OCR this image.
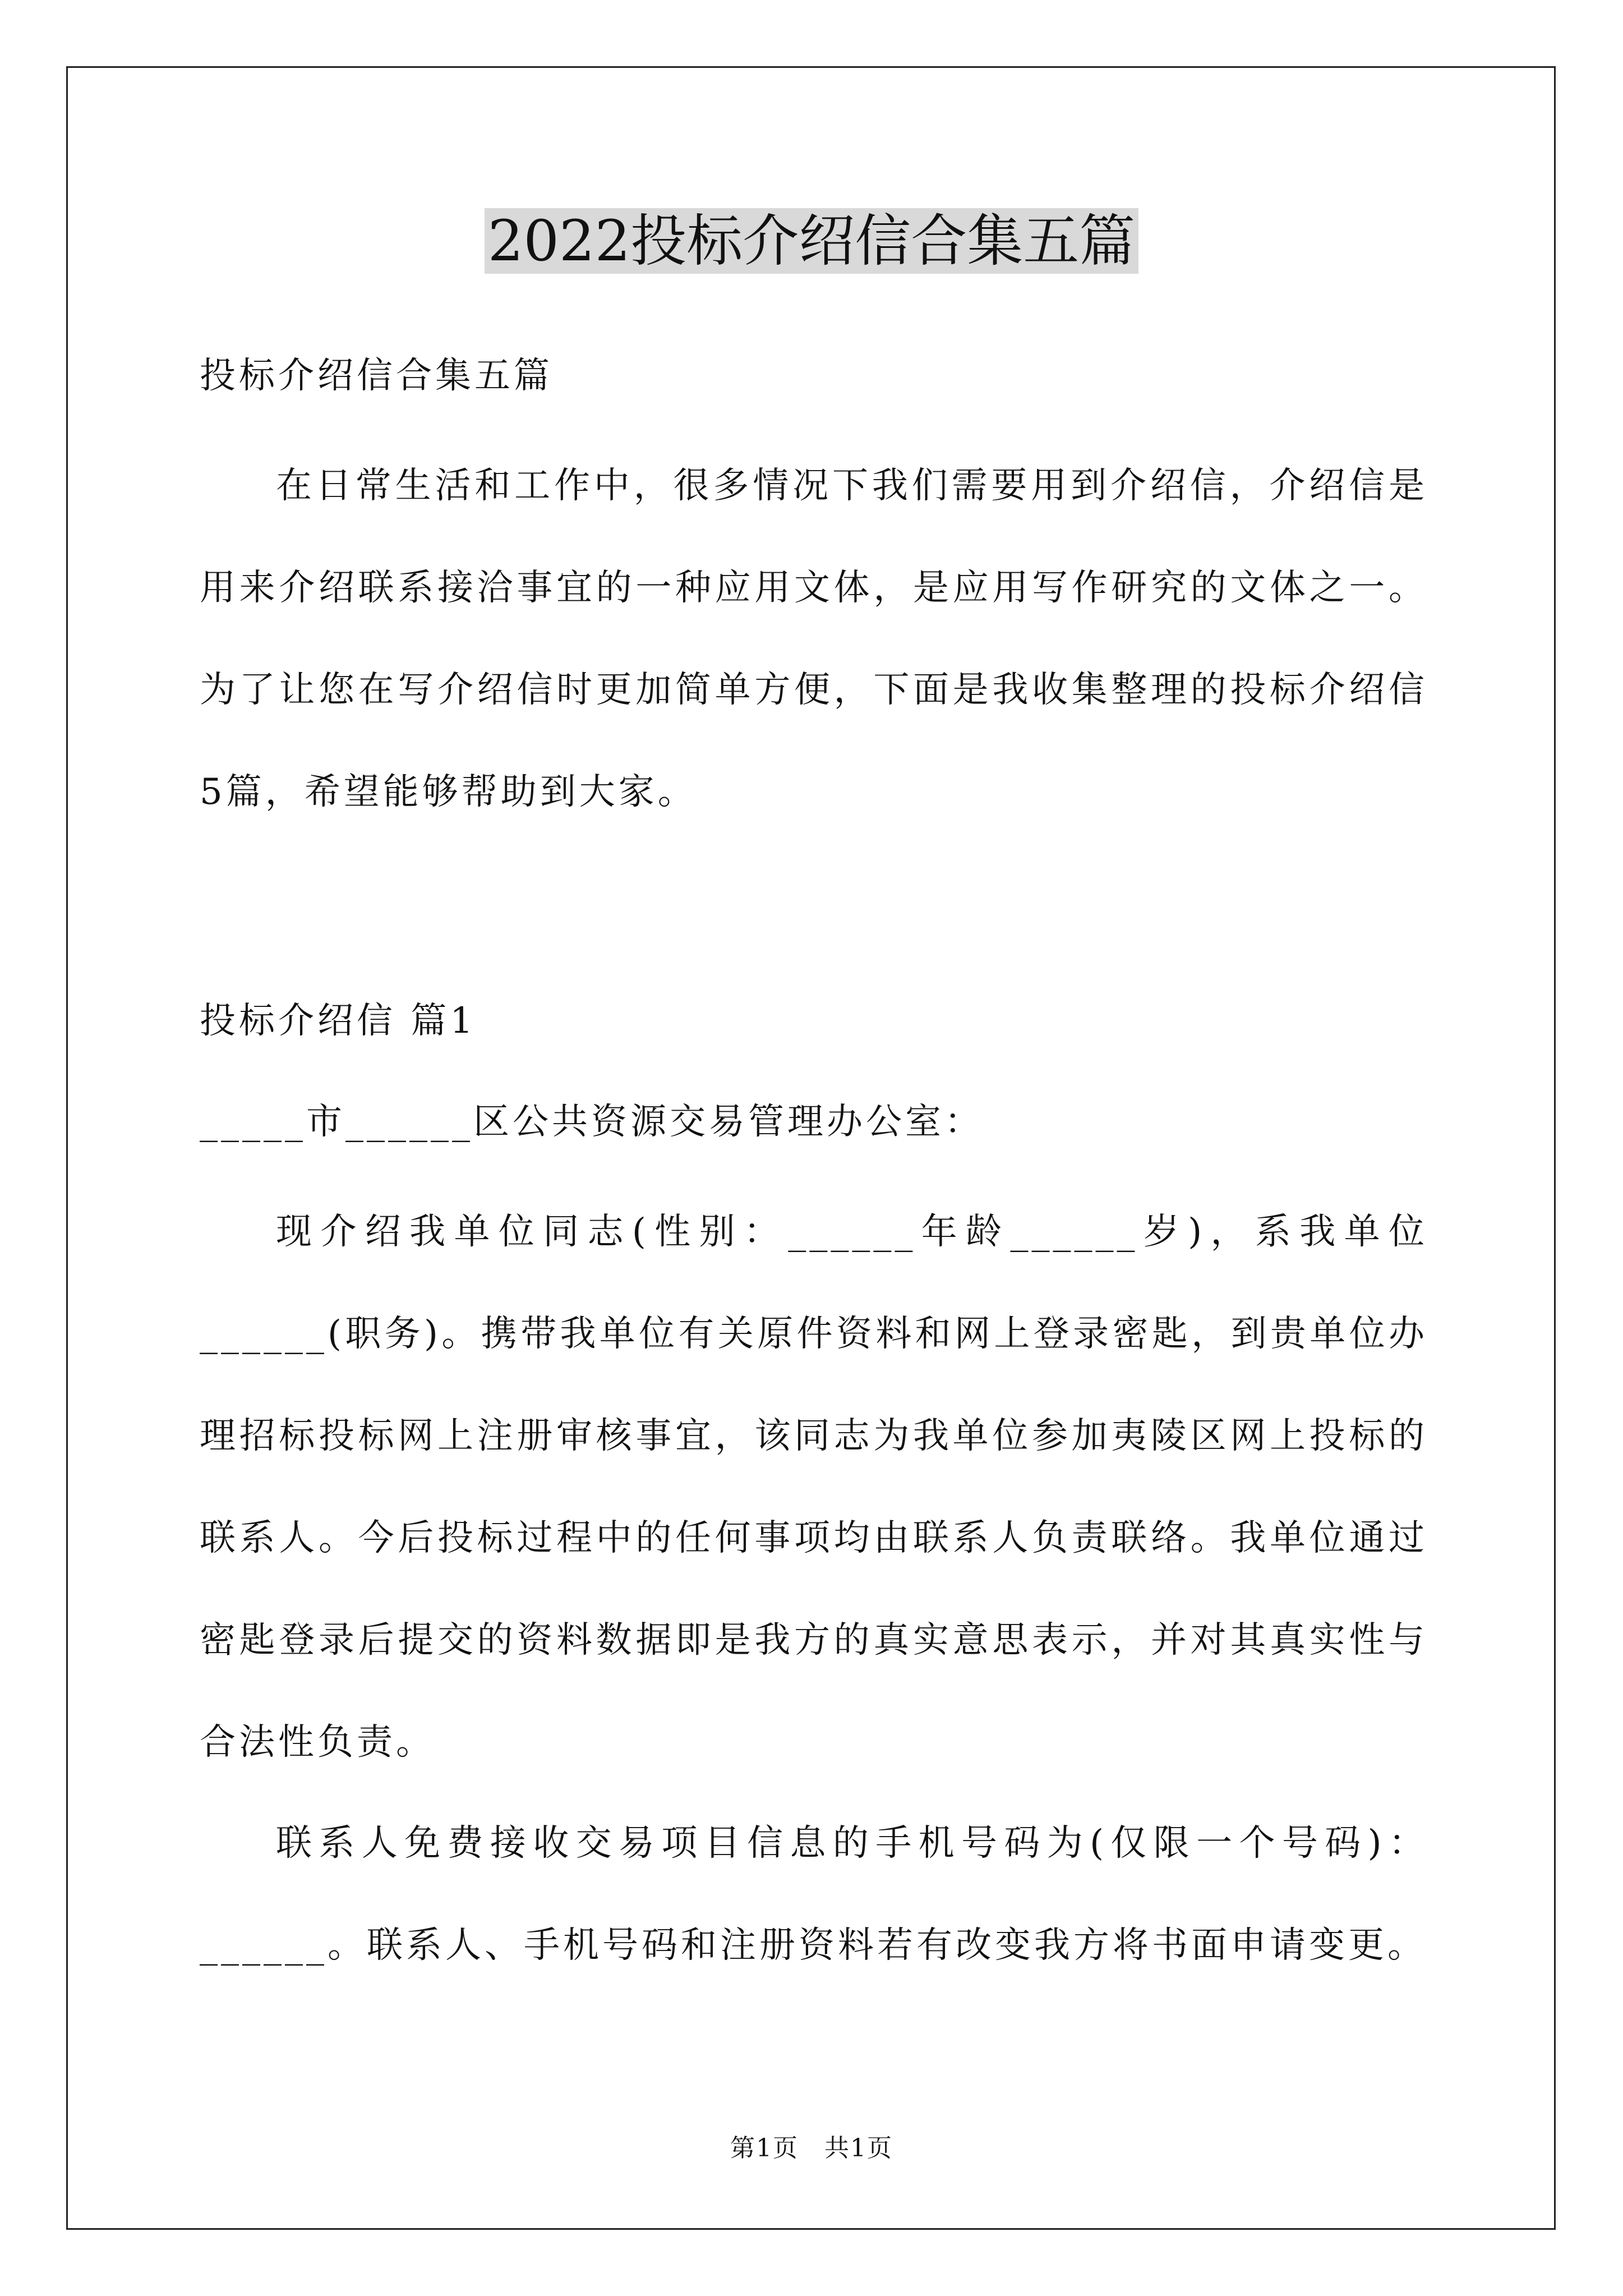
2022投标介绍信合集五篇
投标介绍信合集五篇
在日常生活和工作中，很多情况下我们需要用到介绍信，介绍信是用来介绍联系接洽事宜的一种应用文体，是应用写作研究的文体之一。为了让您在写介绍信时更加简单方便，下面是我收集整理的投标介绍信5篇，希望能够帮助到大家。
投标介绍信 篇1
_____市______区公共资源交易管理办公室：
现介绍我单位同志(性别：______年龄______岁)，系我单位______(职务)。携带我单位有关原件资料和网上登录密匙，到贵单位办理招标投标网上注册审核事宜，该同志为我单位参加夷陵区网上投标的联系人。今后投标过程中的任何事项均由联系人负责联络。我单位通过密匙登录后提交的资料数据即是我方的真实意思表示，并对其真实性与合法性负责。
联系人免费接收交易项目信息的手机号码为(仅限一个号码)：______。联系人、手机号码和注册资料若有改变我方将书面申请变更。
第1页　共1页
